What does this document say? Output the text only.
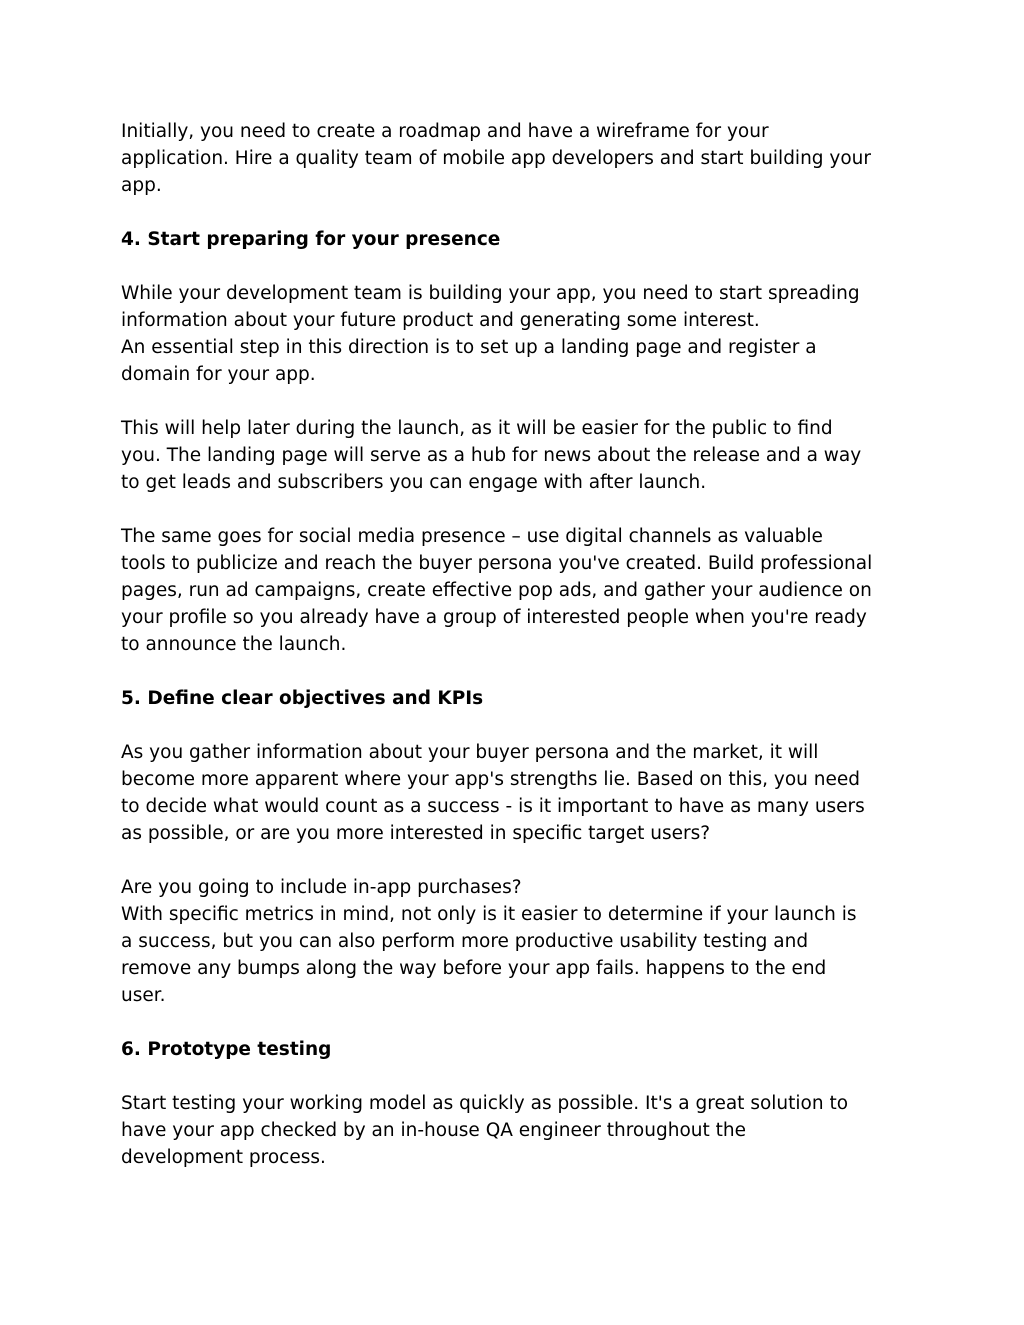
Initially, you need to create a roadmap and have a wireframe for your
application. Hire a quality team of mobile app developers and start building your
app.

4. Start preparing for your presence

While your development team is building your app, you need to start spreading
information about your future product and generating some interest.
An essential step in this direction is to set up a landing page and register a
domain for your app.

This will help later during the launch, as it will be easier for the public to find
you. The landing page will serve as a hub for news about the release and a way
to get leads and subscribers you can engage with after launch.

The same goes for social media presence – use digital channels as valuable
tools to publicize and reach the buyer persona you've created. Build professional
pages, run ad campaigns, create effective pop ads, and gather your audience on
your profile so you already have a group of interested people when you're ready
to announce the launch.

5. Define clear objectives and KPIs

As you gather information about your buyer persona and the market, it will
become more apparent where your app's strengths lie. Based on this, you need
to decide what would count as a success - is it important to have as many users
as possible, or are you more interested in specific target users?

Are you going to include in-app purchases?
With specific metrics in mind, not only is it easier to determine if your launch is
a success, but you can also perform more productive usability testing and
remove any bumps along the way before your app fails. happens to the end
user.

6. Prototype testing

Start testing your working model as quickly as possible. It's a great solution to
have your app checked by an in-house QA engineer throughout the
development process.
